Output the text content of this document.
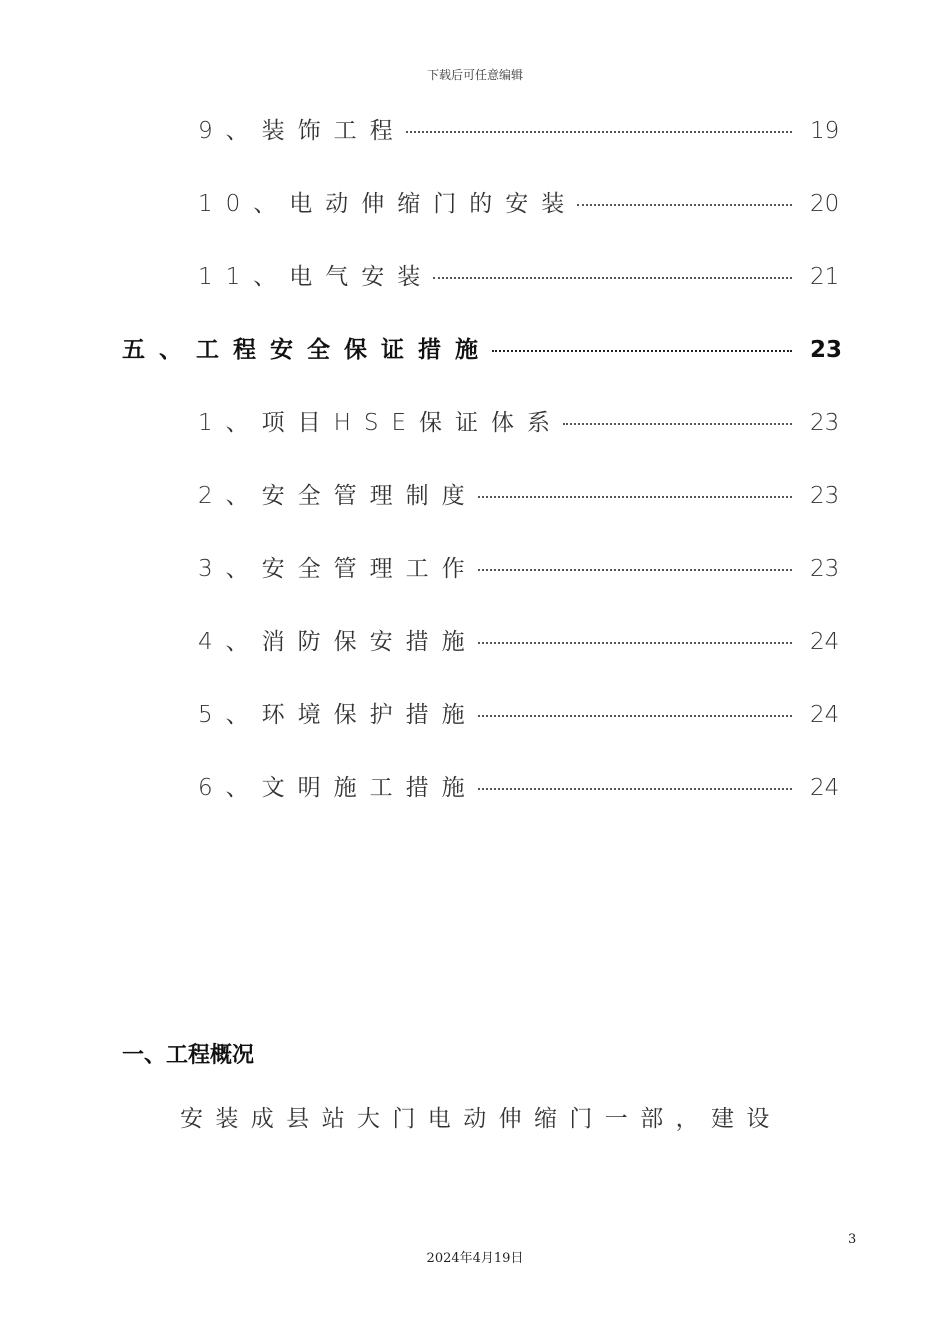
下载后可任意编辑
9、装饰工程	19
10、电动伸缩门的安装	20
11、电气安装	21
五、工程安全保证措施	23
1、项目HSE保证体系	23
2、安全管理制度	23
3、安全管理工作	23
4、消防保安措施	24
5、环境保护措施	24
6、文明施工措施	24
一、工程概况
安装成县站大门电动伸缩门一部，建设
3
2024年4月19日
